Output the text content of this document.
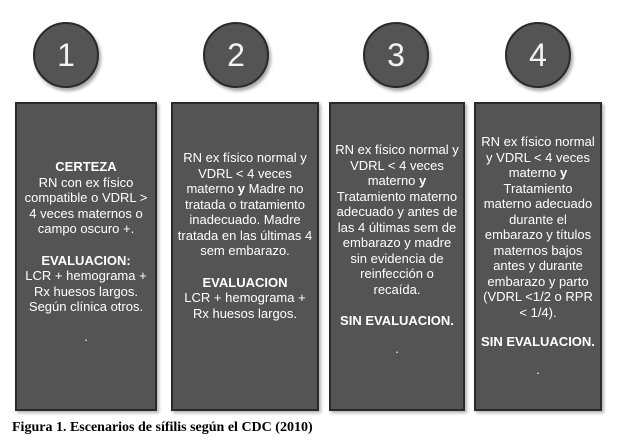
1	2	3	4

CERTEZA

RN con ex físico compatible o VDRL > 4 veces maternos o campo oscuro +.

EVALUACION:

LCR + hemograma + Rx huesos largos. Según clínica otros.

.

RN ex físico normal y VDRL < 4 veces materno y Madre no tratada o tratamiento inadecuado. Madre tratada en las últimas 4 sem embarazo.

EVALUACION

LCR + hemograma + Rx huesos largos.

RN ex físico normal y VDRL < 4 veces materno y Tratamiento materno adecuado y antes de las 4 últimas sem de embarazo y madre sin evidencia de reinfección o recaída.

SIN EVALUACION.

.

RN ex físico normal y VDRL < 4 veces materno y Tratamiento materno adecuado durante el embarazo y títulos maternos bajos antes y durante embarazo y parto (VDRL <1/2 o RPR < 1/4).

SIN EVALUACION.

.

Figura 1. Escenarios de sífilis según el CDC (2010)
